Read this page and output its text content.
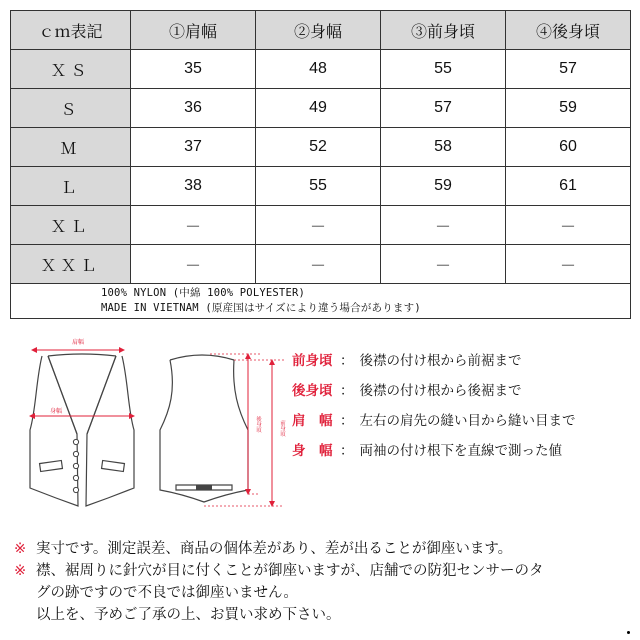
ｃｍ表記	①肩幅	②身幅	③前身頃	④後身頃
ＸＳ	35	48	55	57
Ｓ	36	49	57	59
Ｍ	37	52	58	60
Ｌ	38	55	59	61
ＸＬ	－	－	－	－
ＸＸＬ	－	－	－	－

100% NYLON (中綿 100% POLYESTER)
MADE IN VIETNAM (原産国はサイズにより違う場合があります)				
肩幅
身幅
後身頃	前身頃
前身頃 ： 後襟の付け根から前裾まで
後身頃 ： 後襟の付け根から後裾まで
肩　幅 ： 左右の肩先の縫い目から縫い目まで
身　幅 ： 両袖の付け根下を直線で測った値
※ 実寸です。測定誤差、商品の個体差があり、差が出ることが御座います。
※ 襟、裾周りに針穴が目に付くことが御座いますが、店舗での防犯センサーのタ
グの跡ですので不良では御座いません。
以上を、予めご了承の上、お買い求め下さい。
